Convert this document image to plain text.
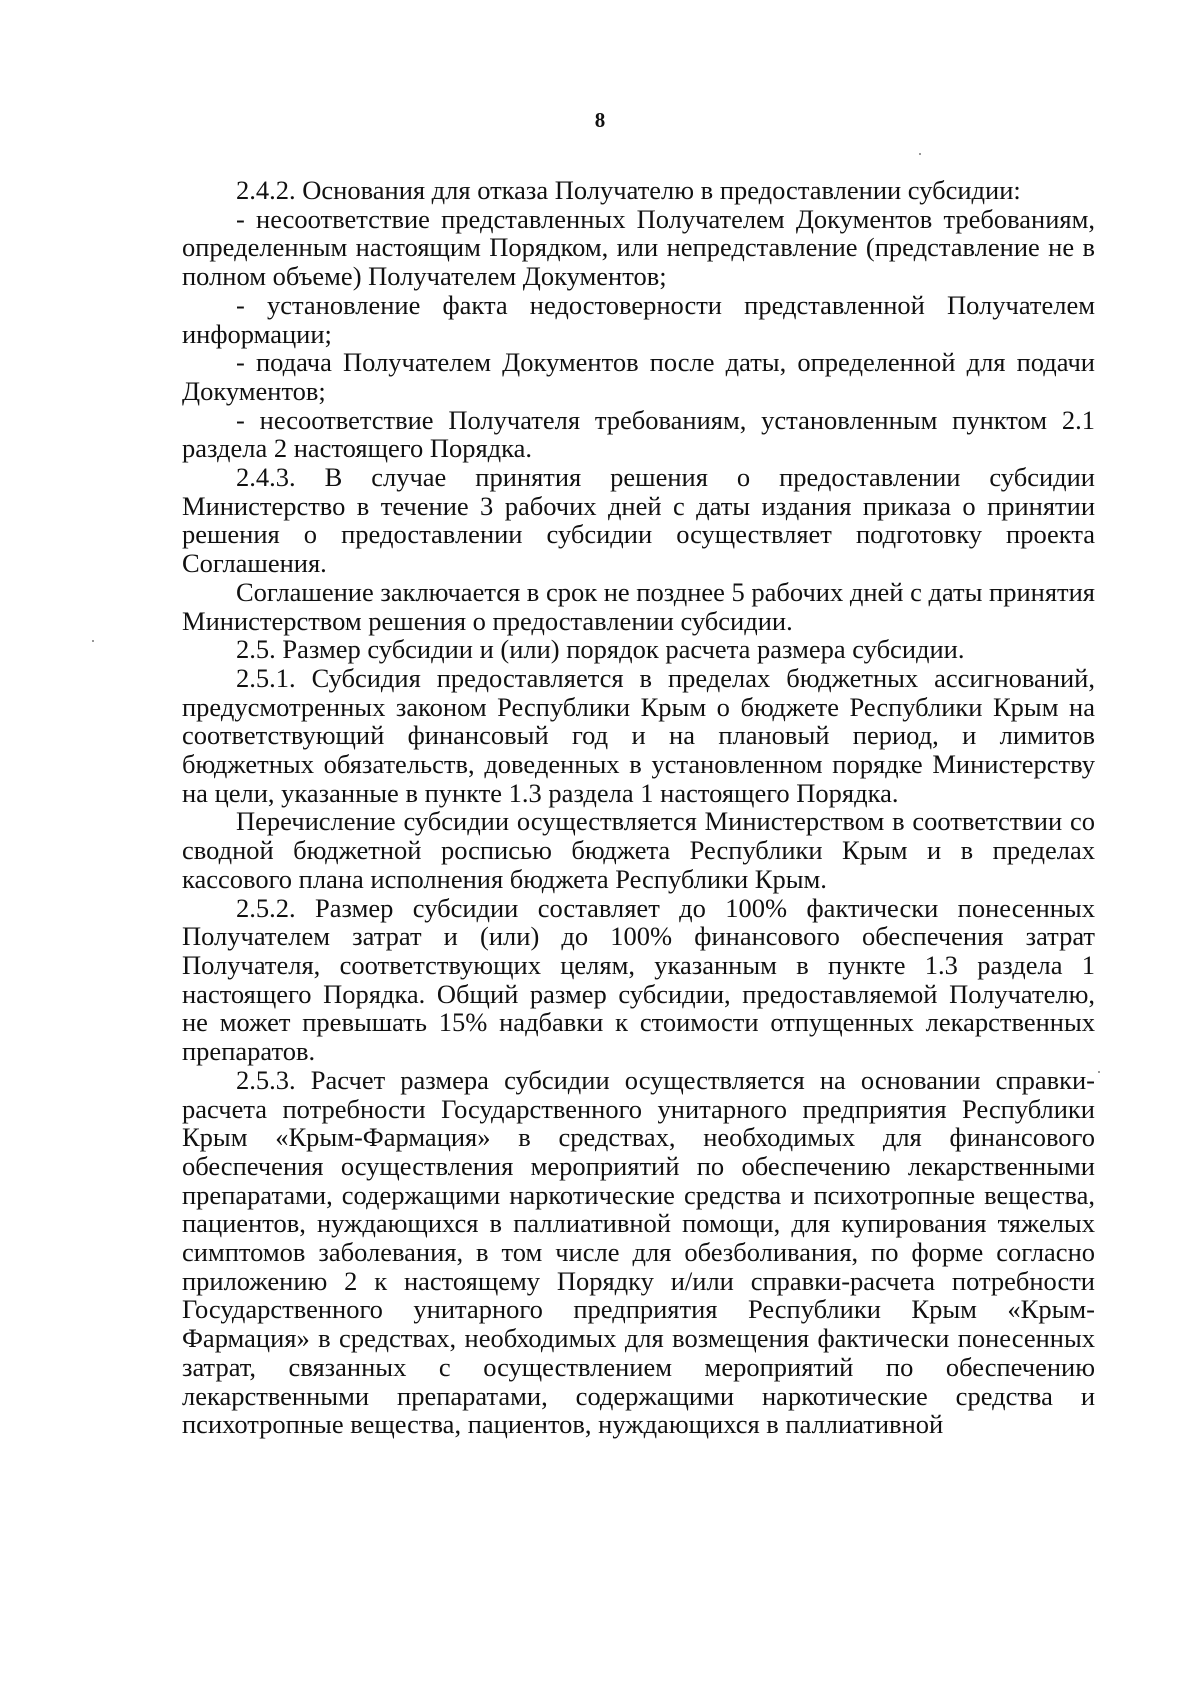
8

2.4.2. Основания для отказа Получателю в предоставлении субсидии:

- несоответствие представленных Получателем Документов требованиям, определенным настоящим Порядком, или непредставление (представление не в полном объеме) Получателем Документов;

- установление факта недостоверности представленной Получателем информации;

- подача Получателем Документов после даты, определенной для подачи Документов;

- несоответствие Получателя требованиям, установленным пунктом 2.1 раздела 2 настоящего Порядка.

2.4.3. В случае принятия решения о предоставлении субсидии Министерство в течение 3 рабочих дней с даты издания приказа о принятии решения о предоставлении субсидии осуществляет подготовку проекта Соглашения.

Соглашение заключается в срок не позднее 5 рабочих дней с даты принятия Министерством решения о предоставлении субсидии.

2.5. Размер субсидии и (или) порядок расчета размера субсидии.

2.5.1. Субсидия предоставляется в пределах бюджетных ассигнований, предусмотренных законом Республики Крым о бюджете Республики Крым на соответствующий финансовый год и на плановый период, и лимитов бюджетных обязательств, доведенных в установленном порядке Министерству на цели, указанные в пункте 1.3 раздела 1 настоящего Порядка.

Перечисление субсидии осуществляется Министерством в соответствии со сводной бюджетной росписью бюджета Республики Крым и в пределах кассового плана исполнения бюджета Республики Крым.

2.5.2. Размер субсидии составляет до 100% фактически понесенных Получателем затрат и (или) до 100% финансового обеспечения затрат Получателя, соответствующих целям, указанным в пункте 1.3 раздела 1 настоящего Порядка. Общий размер субсидии, предоставляемой Получателю, не может превышать 15% надбавки к стоимости отпущенных лекарственных препаратов.

2.5.3. Расчет размера субсидии осуществляется на основании справки-расчета потребности Государственного унитарного предприятия Республики Крым «Крым-Фармация» в средствах, необходимых для финансового обеспечения осуществления мероприятий по обеспечению лекарственными препаратами, содержащими наркотические средства и психотропные вещества, пациентов, нуждающихся в паллиативной помощи, для купирования тяжелых симптомов заболевания, в том числе для обезболивания, по форме согласно приложению 2 к настоящему Порядку и/или справки-расчета потребности Государственного унитарного предприятия Республики Крым «Крым-Фармация» в средствах, необходимых для возмещения фактически понесенных затрат, связанных с осуществлением мероприятий по обеспечению лекарственными препаратами, содержащими наркотические средства и психотропные вещества, пациентов, нуждающихся в паллиативной
